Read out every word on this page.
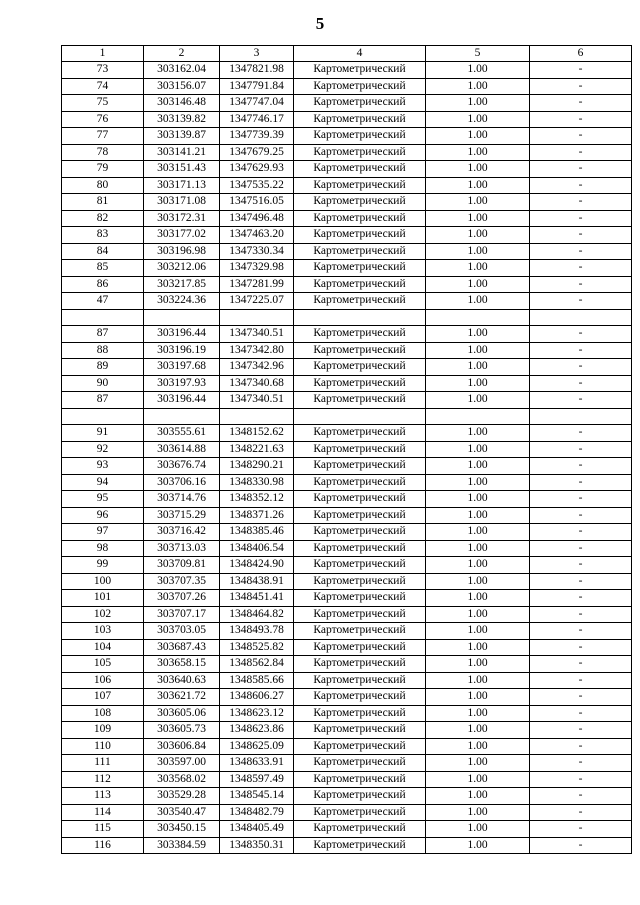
5
1	2	3	4	5	6
73	303162.04	1347821.98	Картометрический	1.00	-
74	303156.07	1347791.84	Картометрический	1.00	-
75	303146.48	1347747.04	Картометрический	1.00	-
76	303139.82	1347746.17	Картометрический	1.00	-
77	303139.87	1347739.39	Картометрический	1.00	-
78	303141.21	1347679.25	Картометрический	1.00	-
79	303151.43	1347629.93	Картометрический	1.00	-
80	303171.13	1347535.22	Картометрический	1.00	-
81	303171.08	1347516.05	Картометрический	1.00	-
82	303172.31	1347496.48	Картометрический	1.00	-
83	303177.02	1347463.20	Картометрический	1.00	-
84	303196.98	1347330.34	Картометрический	1.00	-
85	303212.06	1347329.98	Картометрический	1.00	-
86	303217.85	1347281.99	Картометрический	1.00	-
47	303224.36	1347225.07	Картометрический	1.00	-

87	303196.44	1347340.51	Картометрический	1.00	-
88	303196.19	1347342.80	Картометрический	1.00	-
89	303197.68	1347342.96	Картометрический	1.00	-
90	303197.93	1347340.68	Картометрический	1.00	-
87	303196.44	1347340.51	Картометрический	1.00	-

91	303555.61	1348152.62	Картометрический	1.00	-
92	303614.88	1348221.63	Картометрический	1.00	-
93	303676.74	1348290.21	Картометрический	1.00	-
94	303706.16	1348330.98	Картометрический	1.00	-
95	303714.76	1348352.12	Картометрический	1.00	-
96	303715.29	1348371.26	Картометрический	1.00	-
97	303716.42	1348385.46	Картометрический	1.00	-
98	303713.03	1348406.54	Картометрический	1.00	-
99	303709.81	1348424.90	Картометрический	1.00	-
100	303707.35	1348438.91	Картометрический	1.00	-
101	303707.26	1348451.41	Картометрический	1.00	-
102	303707.17	1348464.82	Картометрический	1.00	-
103	303703.05	1348493.78	Картометрический	1.00	-
104	303687.43	1348525.82	Картометрический	1.00	-
105	303658.15	1348562.84	Картометрический	1.00	-
106	303640.63	1348585.66	Картометрический	1.00	-
107	303621.72	1348606.27	Картометрический	1.00	-
108	303605.06	1348623.12	Картометрический	1.00	-
109	303605.73	1348623.86	Картометрический	1.00	-
110	303606.84	1348625.09	Картометрический	1.00	-
111	303597.00	1348633.91	Картометрический	1.00	-
112	303568.02	1348597.49	Картометрический	1.00	-
113	303529.28	1348545.14	Картометрический	1.00	-
114	303540.47	1348482.79	Картометрический	1.00	-
115	303450.15	1348405.49	Картометрический	1.00	-
116	303384.59	1348350.31	Картометрический	1.00	-
